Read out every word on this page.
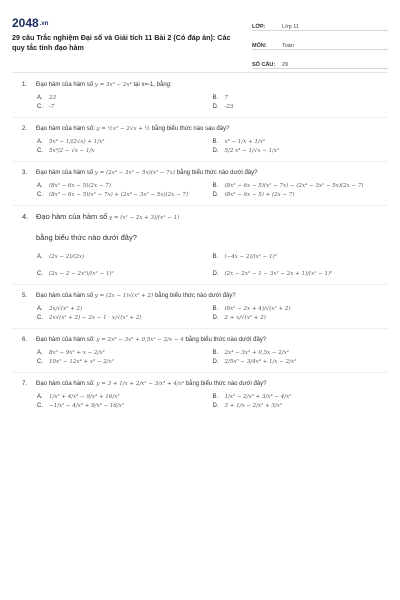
2048.vn
29 câu Trắc nghiệm Đại số và Giải tích 11 Bài 2 (Có đáp án): Các quy tắc tính đạo hàm
LỚP:	Lớp 11
MÔN:	Toán
SỐ CÂU:	29
1. Đạo hàm của hàm số y = 3x⁵ − 2x⁴ tại x=-1, bằng:
A. 23	B. 7
C. -7	D. -23
2. Đạo hàm của hàm số: y = ½x⁵ − 2√x + ½ bằng biểu thức nào sau đây?
A. 5x⁴ − 1/(2√x) + 1/x²	B. x⁴ − 1/x + 1/x²
C. 5x⁴/2 − √x − 1/x	D. 5/2 x⁴ − 1/√x − 1/x²
3. Đạo hàm của hàm số y = (2x⁴ − 3x² − 5x)(x² − 7x) bằng biểu thức nào dưới đây?
A. (8x³ − 6x − 5)(2x − 7)	B. (8x³ − 6x − 5)(x² − 7x) − (2x⁴ − 3x² − 5x)(2x − 7)
C. (8x³ − 6x − 5)(x² − 7x) + (2x⁴ − 3x² − 5x)(2x − 7)	D. (8x³ − 6x − 5) + (2x − 7)
4. Đạo hàm của hàm số y = (x² − 2x + 3)/(x² − 1)
bằng biểu thức nào dưới đây?
A. (2x − 2)/(2x)	B. (−4x − 2)/(x² − 1)²
C. (2x − 2 − 2x²)/(x² − 1)²	D. (2x − 2x³ − 1 − 3x² − 2x + 1)/(x² − 1)²
5. Đạo hàm của hàm số y = (2x − 1)√(x² + 2) bằng biểu thức nào dưới đây?
A. 2x/√(x² + 2)	B. (6x² − 2x + 4)/√(x² + 2)
C. 2x√(x² + 2) − 2x − 1 · x/√(x² + 2)	D. 2 + x/√(x² + 2)
6. Đạo hàm của hàm số: y = 2x⁴ − 3x³ + 0,5x² − 2/x − 4 bằng biểu thức nào dưới đây?
A. 8x³ − 9x² + x − 2/x²	B. 2x⁴ − 3x³ + 0,5x − 2/x²
C. 10x⁵ − 12x⁴ + x³ − 2/x²	D. 2/5x⁵ − 3/4x⁴ + 1/x − 2/x²
7. Đạo hàm của hàm số: y = 3 + 1/x + 2/x² − 3/x³ + 4/x⁴ bằng biểu thức nào dưới đây?
A. 1/x² + 4/x³ − 9/x⁴ + 16/x⁵	B. 1/x² − 2/x³ + 3/x⁴ − 4/x⁵
C. −1/x² − 4/x³ + 9/x⁴ − 16/x⁵	D. 3 + 1/x − 2/x² + 3/x³
